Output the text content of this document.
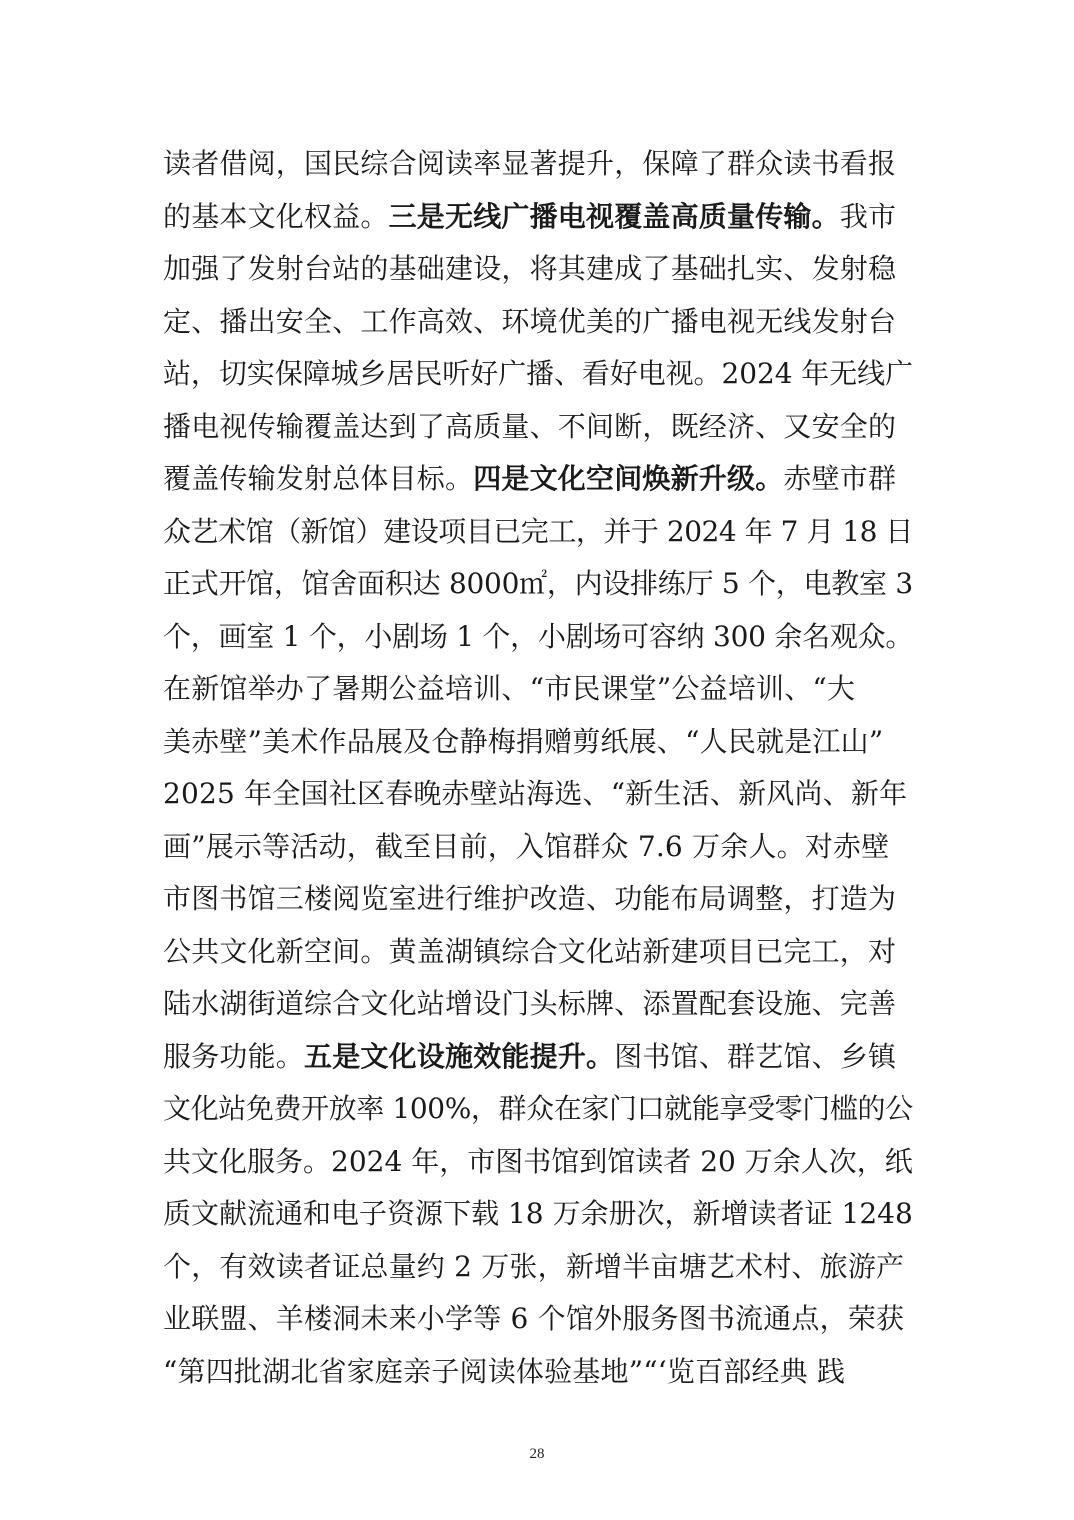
读者借阅，国民综合阅读率显著提升，保障了群众读书看报
的基本文化权益。三是无线广播电视覆盖高质量传输。我市
加强了发射台站的基础建设，将其建成了基础扎实、发射稳
定、播出安全、工作高效、环境优美的广播电视无线发射台
站，切实保障城乡居民听好广播、看好电视。2024 年无线广
播电视传输覆盖达到了高质量、不间断，既经济、又安全的
覆盖传输发射总体目标。四是文化空间焕新升级。赤壁市群
众艺术馆（新馆）建设项目已完工，并于 2024 年 7 月 18 日
正式开馆，馆舍面积达 8000㎡，内设排练厅 5 个，电教室 3
个，画室 1 个，小剧场 1 个，小剧场可容纳 300 余名观众。
在新馆举办了暑期公益培训、“市民课堂”公益培训、“大
美赤壁”美术作品展及仓静梅捐赠剪纸展、“人民就是江山”
2025 年全国社区春晚赤壁站海选、“新生活、新风尚、新年
画”展示等活动，截至目前，入馆群众 7.6 万余人。对赤壁
市图书馆三楼阅览室进行维护改造、功能布局调整，打造为
公共文化新空间。黄盖湖镇综合文化站新建项目已完工，对
陆水湖街道综合文化站增设门头标牌、添置配套设施、完善
服务功能。五是文化设施效能提升。图书馆、群艺馆、乡镇
文化站免费开放率 100%，群众在家门口就能享受零门槛的公
共文化服务。2024 年，市图书馆到馆读者 20 万余人次，纸
质文献流通和电子资源下载 18 万余册次，新增读者证 1248
个，有效读者证总量约 2 万张，新增半亩塘艺术村、旅游产
业联盟、羊楼洞未来小学等 6 个馆外服务图书流通点，荣获
“第四批湖北省家庭亲子阅读体验基地”“‘览百部经典 践
28
